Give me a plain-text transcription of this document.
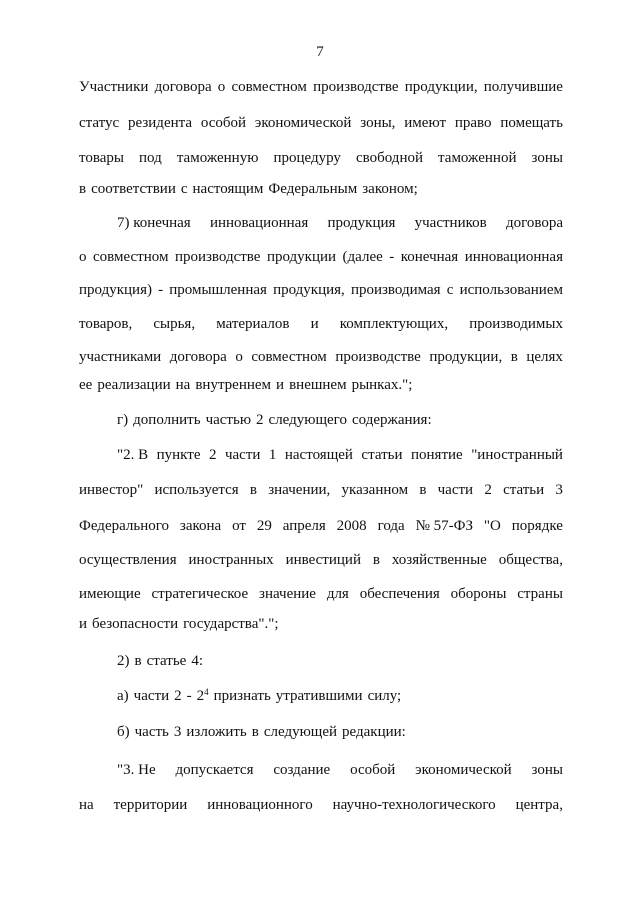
7
Участники договора о совместном производстве продукции, получившие
статус резидента особой экономической зоны, имеют право помещать
товары под таможенную процедуру свободной таможенной зоны
в соответствии с настоящим Федеральным законом;
7) конечная инновационная продукция участников договора
о совместном производстве продукции (далее - конечная инновационная
продукция) - промышленная продукция, производимая с использованием
товаров, сырья, материалов и комплектующих, производимых
участниками договора о совместном производстве продукции, в целях
ее реализации на внутреннем и внешнем рынках.";
г) дополнить частью 2 следующего содержания:
"2. В пункте 2 части 1 настоящей статьи понятие "иностранный
инвестор" используется в значении, указанном в части 2 статьи 3
Федерального закона от 29 апреля 2008 года № 57-ФЗ "О порядке
осуществления иностранных инвестиций в хозяйственные общества,
имеющие стратегическое значение для обеспечения обороны страны
и безопасности государства".";
2) в статье 4:
а) части $2 - 2^4$ признать утратившими силу;
б) часть 3 изложить в следующей редакции:
"3. Не допускается создание особой экономической зоны
на территории инновационного научно-технологического центра,
